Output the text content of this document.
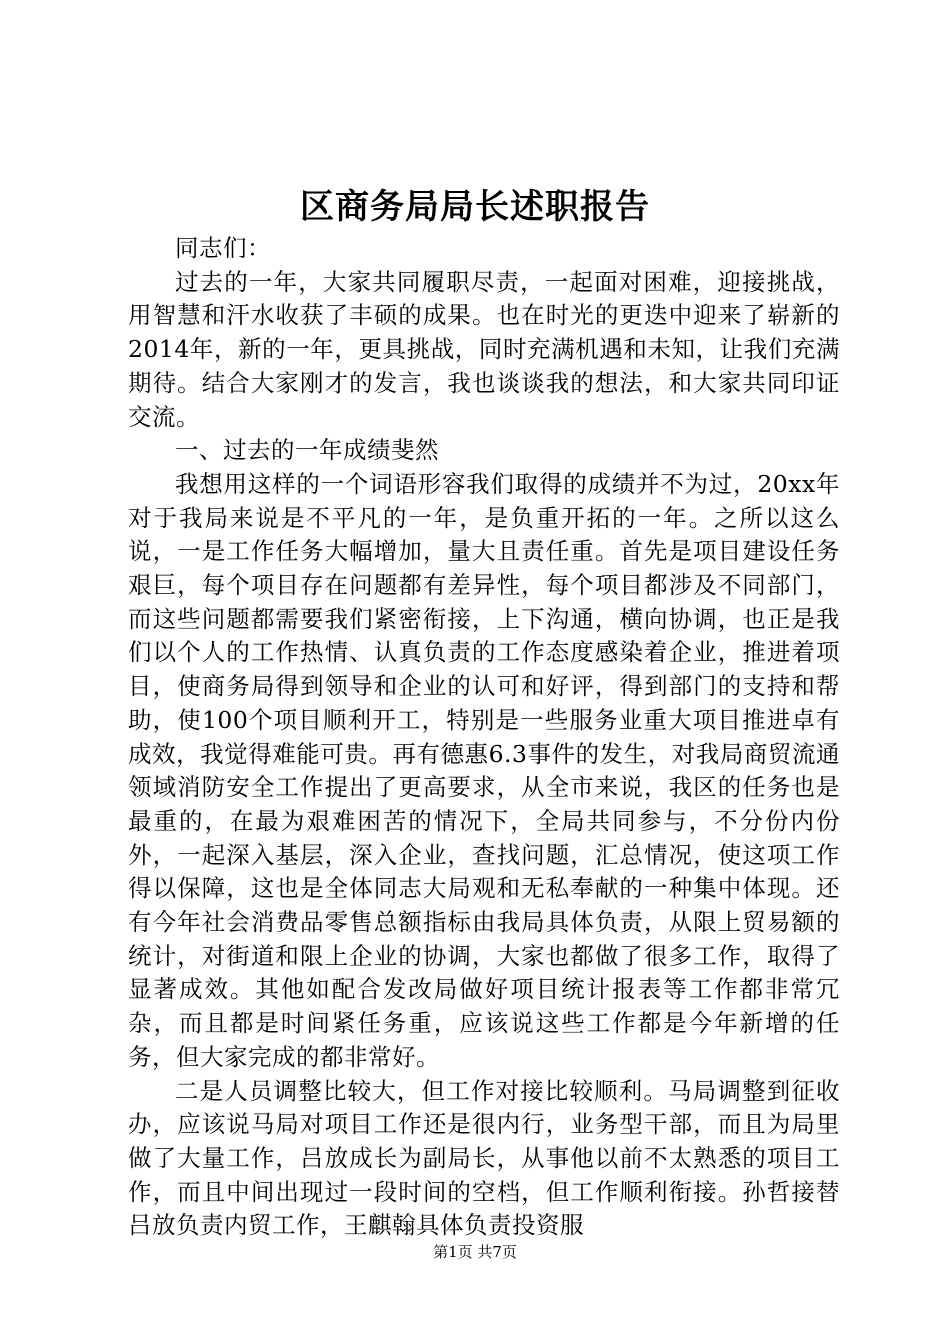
区商务局局长述职报告

同志们：

过去的一年，大家共同履职尽责，一起面对困难，迎接挑战，用智慧和汗水收获了丰硕的成果。也在时光的更迭中迎来了崭新的2014年，新的一年，更具挑战，同时充满机遇和未知，让我们充满期待。结合大家刚才的发言，我也谈谈我的想法，和大家共同印证交流。

一、过去的一年成绩斐然

我想用这样的一个词语形容我们取得的成绩并不为过，20xx年对于我局来说是不平凡的一年，是负重开拓的一年。之所以这么说，一是工作任务大幅增加，量大且责任重。首先是项目建设任务艰巨，每个项目存在问题都有差异性，每个项目都涉及不同部门，而这些问题都需要我们紧密衔接，上下沟通，横向协调，也正是我们以个人的工作热情、认真负责的工作态度感染着企业，推进着项目，使商务局得到领导和企业的认可和好评，得到部门的支持和帮助，使100个项目顺利开工，特别是一些服务业重大项目推进卓有成效，我觉得难能可贵。再有德惠6.3事件的发生，对我局商贸流通领域消防安全工作提出了更高要求，从全市来说，我区的任务也是最重的，在最为艰难困苦的情况下，全局共同参与，不分份内份外，一起深入基层，深入企业，查找问题，汇总情况，使这项工作得以保障，这也是全体同志大局观和无私奉献的一种集中体现。还有今年社会消费品零售总额指标由我局具体负责，从限上贸易额的统计，对街道和限上企业的协调，大家也都做了很多工作，取得了显著成效。其他如配合发改局做好项目统计报表等工作都非常冗杂，而且都是时间紧任务重，应该说这些工作都是今年新增的任务，但大家完成的都非常好。

二是人员调整比较大，但工作对接比较顺利。马局调整到征收办，应该说马局对项目工作还是很内行，业务型干部，而且为局里做了大量工作，吕放成长为副局长，从事他以前不太熟悉的项目工作，而且中间出现过一段时间的空档，但工作顺利衔接。孙哲接替吕放负责内贸工作，王麒翰具体负责投资服

第1页 共7页
